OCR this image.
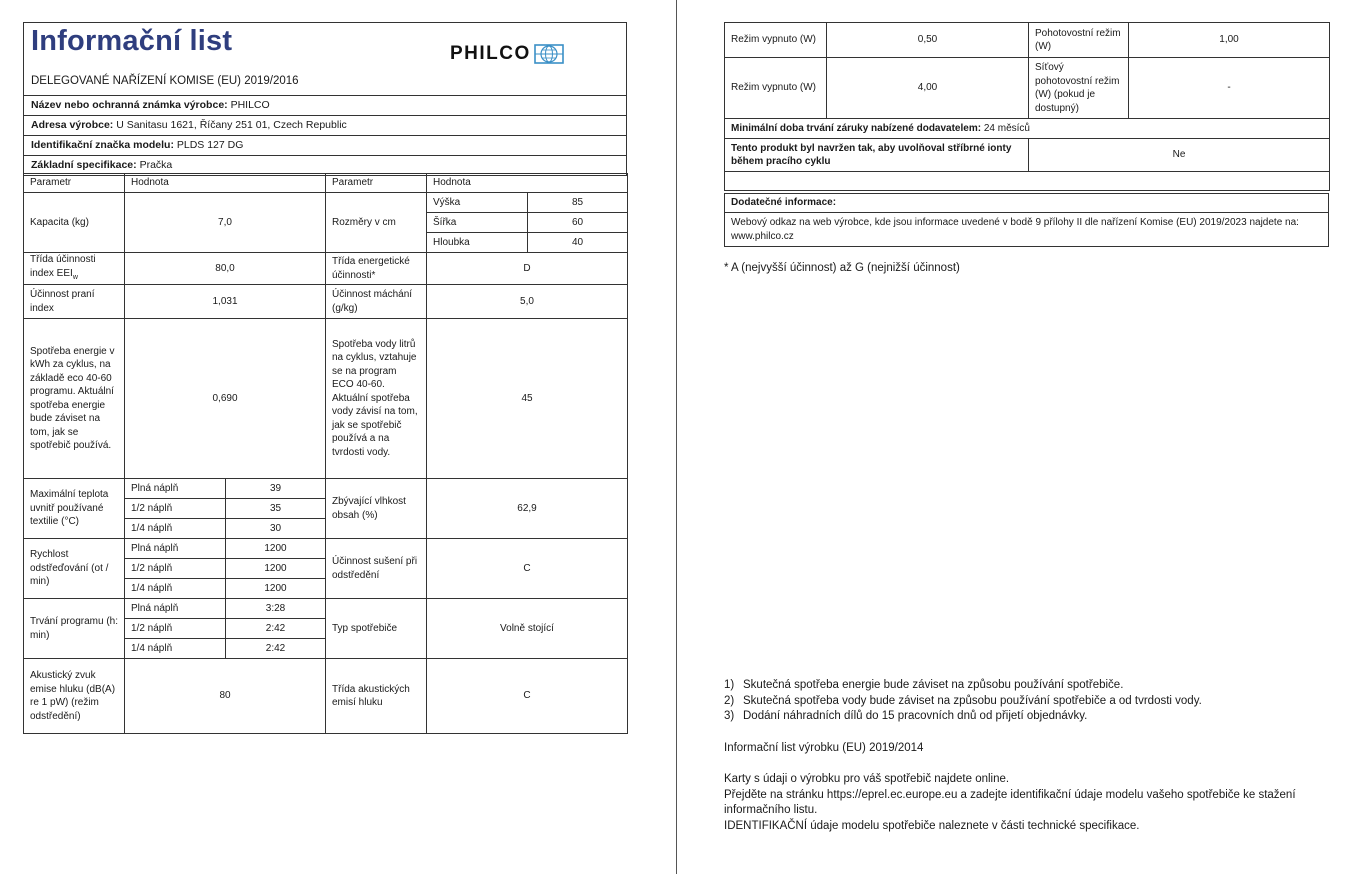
Informační list
DELEGOVANÉ NAŘÍZENÍ KOMISE (EU) 2019/2016
PHILCO
Název nebo ochranná známka výrobce: PHILCO
Adresa výrobce: U Sanitasu 1621, Říčany 251 01, Czech Republic
Identifikační značka modelu: PLDS 127 DG
Základní specifikace: Pračka
Parametr	Hodnota		Parametr	Hodnota	
Kapacita (kg)	7,0		Rozměry v cm	Výška	85
				Šířka	60
				Hloubka	40
Třída účinnosti index $EEI_w$	80,0		Třída energetické účinnosti*	D	
Účinnost praní index	1,031		Účinnost máchání (g/kg)	5,0	
Spotřeba energie v kWh za cyklus, na základě eco 40-60 programu. Aktuální spotřeba energie bude záviset na tom, jak se spotřebič používá.	0,690		Spotřeba vody litrů na cyklus, vztahuje se na program ECO 40-60. Aktuální spotřeba vody závisí na tom, jak se spotřebič používá a na tvrdosti vody.	45	
Maximální teplota uvnitř používané textilie (°C)	Plná náplň	39	Zbývající vlhkost obsah (%)	62,9	
	1/2 náplň	35			
	1/4 náplň	30			
Rychlost odstřeďování (ot / min)	Plná náplň	1200	Účinnost sušení při odstředění	C	
	1/2 náplň	1200			
	1/4 náplň	1200			
Trvání programu (h: min)	Plná náplň	3:28	Typ spotřebiče	Volně stojící	
	1/2 náplň	2:42			
	1/4 náplň	2:42			
Akustický zvuk emise hluku (dB(A) re 1 pW) (režim odstředění)	80		Třída akustických emisí hluku	C	
Režim vypnuto (W)	0,50	Pohotovostní režim (W)	1,00
Režim vypnuto (W)	4,00	Síťový pohotovostní režim (W) (pokud je dostupný)	-
Minimální doba trvání záruky nabízené dodavatelem: 24 měsíců			
Tento produkt byl navržen tak, aby uvolňoval stříbrné ionty během pracího cyklu		Ne	

Dodatečné informace:
Webový odkaz na web výrobce, kde jsou informace uvedené v bodě 9 přílohy II dle nařízení Komise (EU) 2019/2023 najdete na: www.philco.cz
* A (nejvyšší účinnost) až G (nejnižší účinnost)
1) Skutečná spotřeba energie bude záviset na způsobu používání spotřebiče.
2) Skutečná spotřeba vody bude záviset na způsobu používání spotřebiče a od tvrdosti vody.
3) Dodání náhradních dílů do 15 pracovních dnů od přijetí objednávky.

Informační list výrobku (EU) 2019/2014

Karty s údaji o výrobku pro váš spotřebič najdete online.

Přejděte na stránku https://eprel.ec.europe.eu a zadejte identifikační údaje modelu vašeho spotřebiče ke stažení informačního listu.

IDENTIFIKAČNÍ údaje modelu spotřebiče naleznete v části technické specifikace.
